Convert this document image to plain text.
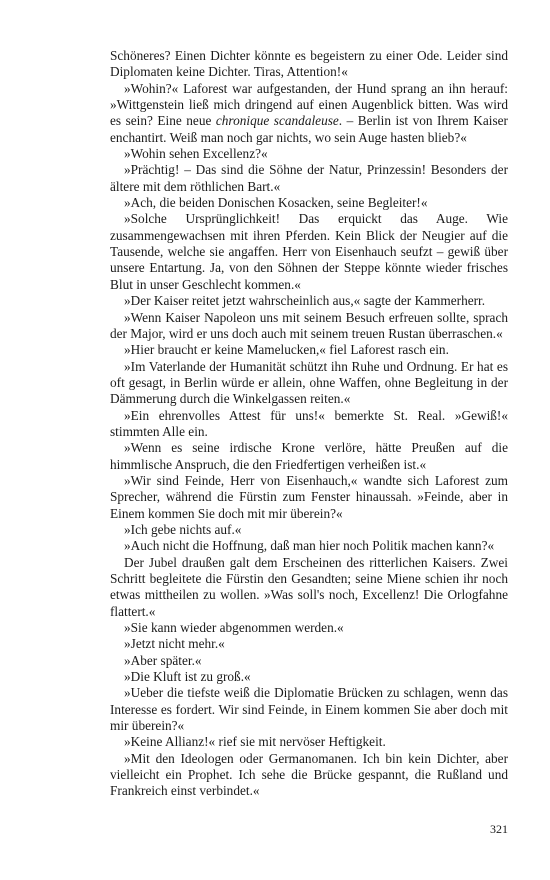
Schöneres? Einen Dichter könnte es begeistern zu einer Ode. Leider sind Diplomaten keine Dichter. Tiras, Attention!«

»Wohin?« Laforest war aufgestanden, der Hund sprang an ihn herauf: »Wittgenstein ließ mich dringend auf einen Augenblick bitten. Was wird es sein? Eine neue chronique scandaleuse. – Berlin ist von Ihrem Kaiser enchantirt. Weiß man noch gar nichts, wo sein Auge hasten blieb?«

»Wohin sehen Excellenz?«

»Prächtig! – Das sind die Söhne der Natur, Prinzessin! Besonders der ältere mit dem röthlichen Bart.«

»Ach, die beiden Donischen Kosacken, seine Begleiter!«

»Solche Ursprünglichkeit! Das erquickt das Auge. Wie zusammengewachsen mit ihren Pferden. Kein Blick der Neugier auf die Tausende, welche sie angaffen. Herr von Eisenhauch seufzt – gewiß über unsere Entartung. Ja, von den Söhnen der Steppe könnte wieder frisches Blut in unser Geschlecht kommen.«

»Der Kaiser reitet jetzt wahrscheinlich aus,« sagte der Kammerherr.

»Wenn Kaiser Napoleon uns mit seinem Besuch erfreuen sollte, sprach der Major, wird er uns doch auch mit seinem treuen Rustan überraschen.«

»Hier braucht er keine Mamelucken,« fiel Laforest rasch ein.

»Im Vaterlande der Humanität schützt ihn Ruhe und Ordnung. Er hat es oft gesagt, in Berlin würde er allein, ohne Waffen, ohne Begleitung in der Dämmerung durch die Winkelgassen reiten.«

»Ein ehrenvolles Attest für uns!« bemerkte St. Real. »Gewiß!« stimmten Alle ein.

»Wenn es seine irdische Krone verlöre, hätte Preußen auf die himmlische Anspruch, die den Friedfertigen verheißen ist.«

»Wir sind Feinde, Herr von Eisenhauch,« wandte sich Laforest zum Sprecher, während die Fürstin zum Fenster hinaussah. »Feinde, aber in Einem kommen Sie doch mit mir überein?«

»Ich gebe nichts auf.«

»Auch nicht die Hoffnung, daß man hier noch Politik machen kann?«

Der Jubel draußen galt dem Erscheinen des ritterlichen Kaisers. Zwei Schritt begleitete die Fürstin den Gesandten; seine Miene schien ihr noch etwas mittheilen zu wollen. »Was soll's noch, Excellenz! Die Orlogfahne flattert.«

»Sie kann wieder abgenommen werden.«

»Jetzt nicht mehr.«

»Aber später.«

»Die Kluft ist zu groß.«

»Ueber die tiefste weiß die Diplomatie Brücken zu schlagen, wenn das Interesse es fordert. Wir sind Feinde, in Einem kommen Sie aber doch mit mir überein?«

»Keine Allianz!« rief sie mit nervöser Heftigkeit.

»Mit den Ideologen oder Germanomanen. Ich bin kein Dichter, aber vielleicht ein Prophet. Ich sehe die Brücke gespannt, die Rußland und Frankreich einst verbindet.«

321
